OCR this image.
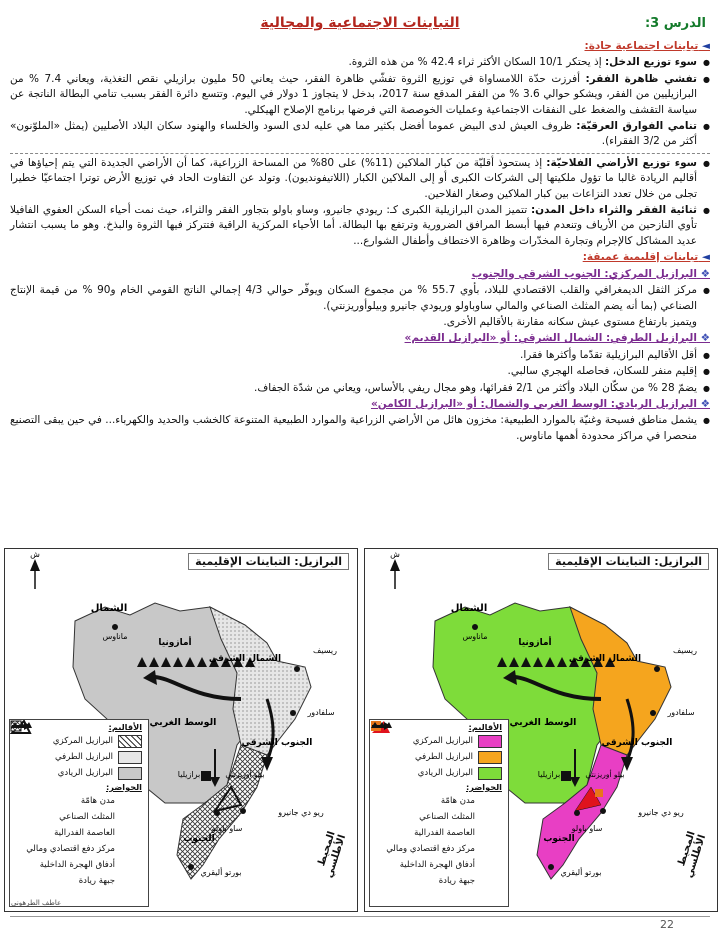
الدرس 3:
التباينات الاجتماعية والمجالية
◄ تباينات اجتماعية حادة:
● سوء توزيع الدخل: إذ يحتكر 10/1 السكان الأكثر ثراء 42.4 % من هذه الثروة.
● تفشي ظاهرة الفقر: أفرزت حدّة اللامساواة في توزيع الثروة تفشّي ظاهرة الفقر، حيث يعاني 50 مليون برازيلي نقص التغذية، ويعاني 7.4 % من البرازيليين من الفقر، ويشكو حوالي 3.6 % من الفقر المدقع سنة 2017، بدخل لا يتجاوز 1 دولار في اليوم. وتتسع دائرة الفقر بسبب تنامي البطالة الناتجة عن سياسة التقشف والضغط على النفقات الاجتماعية وعمليات الخوصصة التي فرضها برنامج الإصلاح الهيكلي.
● تنامي الفوارق العرقيّة: ظروف العيش لدى البيض عموما أفضل بكثير مما هي عليه لدى السود والخلساء والهنود سكان البلاد الأصليين (يمثل «الملوّنون» أكثر من 3/2 الفقراء).
● سوء توزيع الأراضي الفلاحيّة: إذ يستحوذ أقليّة من كبار الملاكين (11%) على 80% من المساحة الزراعية، كما أن الأراضي الجديدة التي يتم إحياؤها في أقاليم الريادة غالبا ما تؤول ملكيتها إلى الشركات الكبرى أو إلى الملاكين الكبار (اللاتيفونديون). وتولد عن التفاوت الحاد في توزيع الأرض توترا اجتماعيّا خطيرا تجلى من خلال تعدد النزاعات بين كبار الملاكين وصغار الفلاحين.
● ثنائية الفقر والثراء داخل المدن: تتميز المدن البرازيلية الكبرى كـ: ريودي جانيرو، وساو باولو بتجاور الفقر والثراء، حيث نمت أحياء السكن العفوي الفافيلا تأوي النازحين من الأرياف وتنعدم فيها أبسط المرافق الضرورية وترتفع بها البطالة. أما الأحياء المركزية الراقية فتتركز فيها الثروة والبذخ. وهو ما يسبب انتشار عديد المشاكل كالإجرام وتجارة المخدّرات وظاهرة الاختطاف وأطفال الشوارع...
◄ تباينات إقليمية عميقة:
❖ البرازيل المركزي: الجنوب الشرقي والجنوب
● مركز الثقل الديمغرافي والقلب الاقتصادي للبلاد، بأوي 55.7 % من مجموع السكان ويوفّر حوالي 4/3 إجمالي الناتج القومي الخام و90 % من قيمة الإنتاج الصناعي (بما أنه يضم المثلث الصناعي والمالي ساوباولو وريودي جانيرو وبيلوأوريزنتي).
ويتميز بارتفاع مستوى عيش سكانه مقارنة بالأقاليم الأخرى.
❖ البرازيل الطرفي: الشمال الشرقي: أو «البرازيل القديم»
● أقل الأقاليم البرازيلية تقدّما وأكثرها فقرا.
● إقليم منفر للسكان، فحاصله الهجري سالبي.
● يضمّ 28 % من سكّان البلاد وأكثر من 2/1 فقرائها، وهو مجال ريفي بالأساس، ويعاني من شدّة الجفاف.
❖ البرازيل الريادي: الوسط الغربي والشمال: أو «البرازيل الكامن»
● يشمل مناطق فسيحة وغنيّة بالموارد الطبيعية: مخزون هائل من الأراضي الزراعية والموارد الطبيعية المتنوعة كالخشب والحديد والكهرباء... في حين يبقى التصنيع منحصرا في مراكز محدودة أهمها ماناوس.
ش
الشمال
ماناوس
أمازونيا
الشمال الشرقي
ريسيف
سلفادور
الوسط الغربي
برازيليا
الجنوب الشرقي
بيلو أوريزنتي
ريو دي جانيرو
ساو باولو
الجنوب
بورتو أليقري
البرازيل: التباينات الإقليمية
الأقاليم:
البرازيل المركزي
البرازيل الطرفي
البرازيل الريادي
الحواضر:
مدن هامّة
المثلث الصناعي
العاصمة الفدرالية
مركز دفع اقتصادي ومالي
أدفاق الهجرة الداخلية
جبهة ريادة
المحيط الأطلسي
ش
الشمال
ماناوس
أمازونيا
الشمال الشرقي
ريسيف
سلفادور
الوسط الغربي
برازيليا
الجنوب الشرقي
بيلو أوريزنتي
ريو دي جانيرو
ساو باولو
الجنوب
بورتو أليقري
البرازيل: التباينات الإقليمية
الأقاليم:
البرازيل المركزي
البرازيل الطرفي
البرازيل الريادي
الحواضر:
مدن هامّة
المثلث الصناعي
العاصمة الفدرالية
مركز دفع اقتصادي ومالي
أدفاق الهجرة الداخلية
جبهة ريادة
المحيط الأطلسي
عاطف الطرهوني
22
